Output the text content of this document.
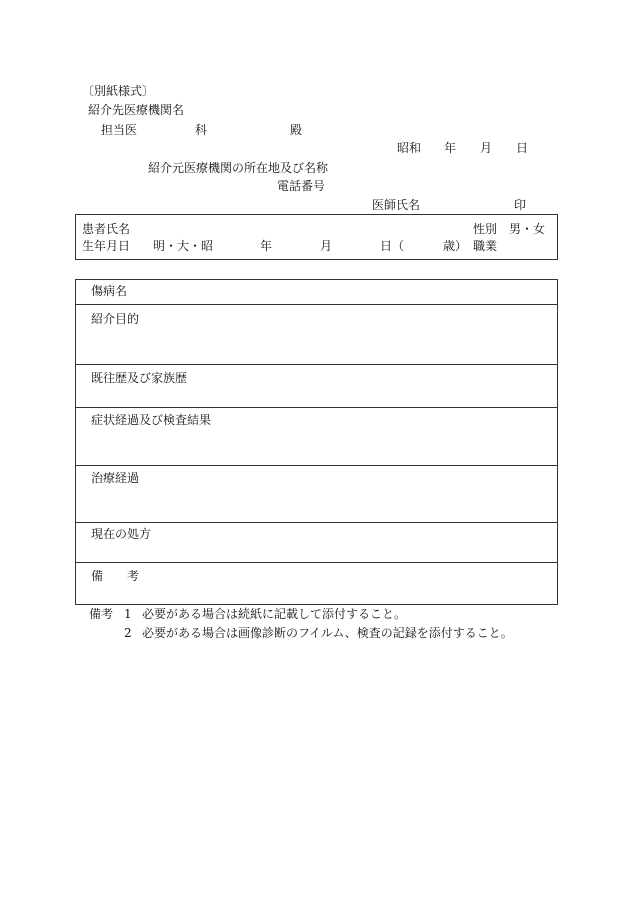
〔別紙様式〕
紹介先医療機関名
担当医	科	殿
昭和 年 月 日
紹介元医療機関の所在地及び名称
電話番号
医師氏名	印
患者氏名	性別 男・女
生年月日 明・大・昭	年	月	日（	歳） 職業
傷病名
紹介目的
既往歴及び家族歴
症状経過及び検査結果
治療経過
現在の処方
備 考
備考 1 必要がある場合は続紙に記載して添付すること。
2 必要がある場合は画像診断のフイルム、検査の記録を添付すること。
